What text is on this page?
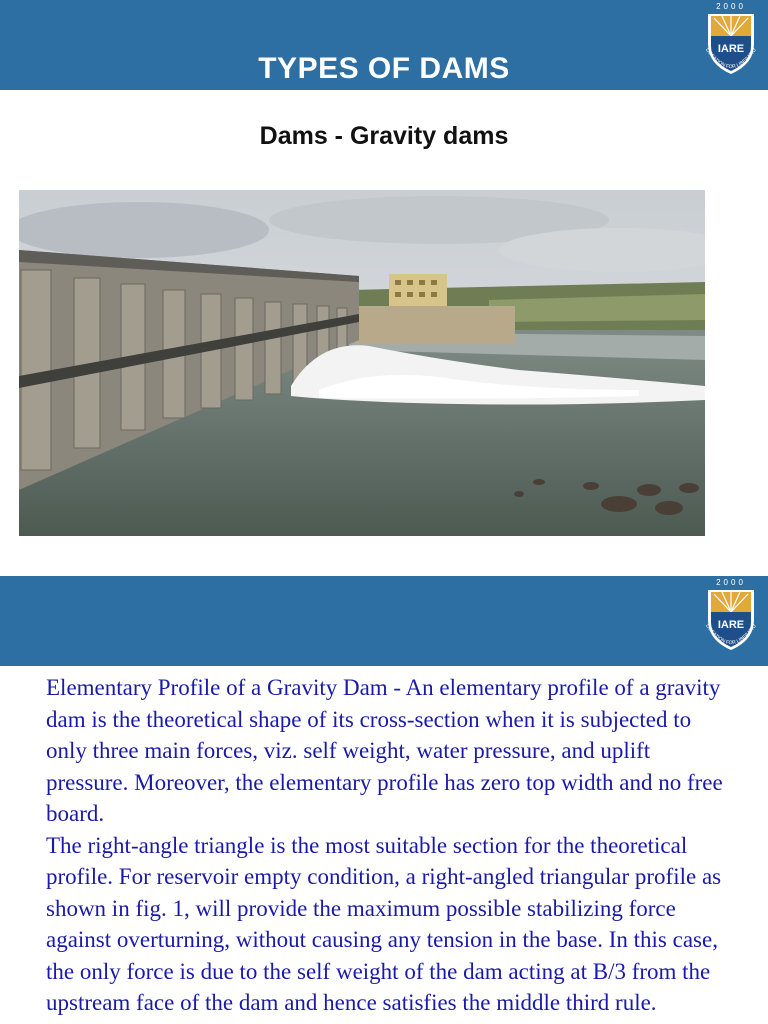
TYPES OF DAMS
2000
IARE
DUCATION FOR LIBERATIO
Dams - Gravity dams
2000
IARE
DUCATION FOR LIBERATIO

Elementary Profile of a Gravity Dam - An elementary profile of a gravity dam is the theoretical shape of its cross-section when it is subjected to only three main forces, viz. self weight, water pressure, and uplift pressure. Moreover, the elementary profile has zero top width and no free board.

The right-angle triangle is the most suitable section for the theoretical profile. For reservoir empty condition, a right-angled triangular profile as shown in fig. 1, will provide the maximum possible stabilizing force against overturning, without causing any tension in the base. In this case, the only force is due to the self weight of the dam acting at B/3 from the upstream face of the dam and hence satisfies the middle third rule.
